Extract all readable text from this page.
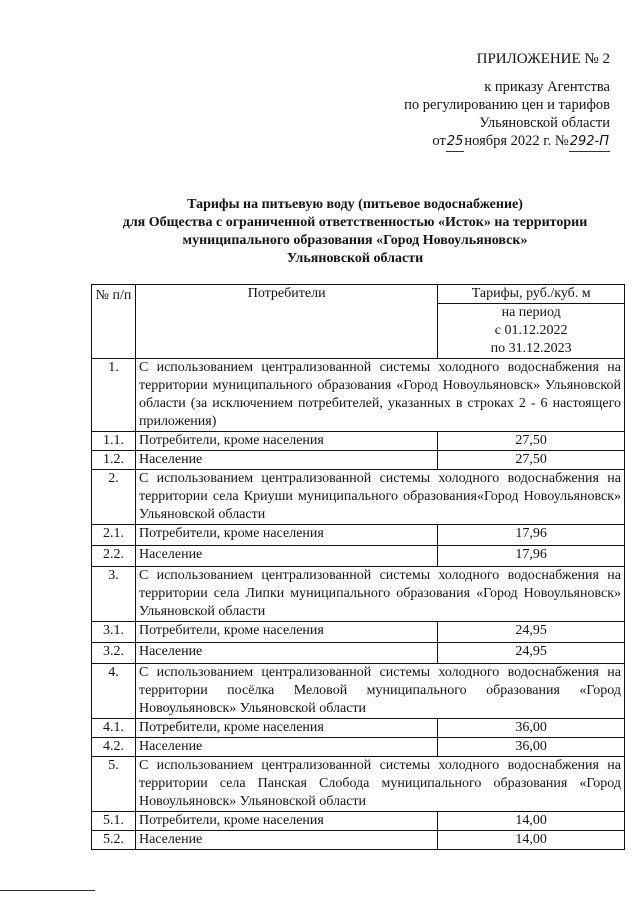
ПРИЛОЖЕНИЕ № 2
к приказу Агентства
по регулированию цен и тарифов
Ульяновской области
от25ноября 2022 г. №292-П
Тарифы на питьевую воду (питьевое водоснабжение)
для Общества с ограниченной ответственностью «Исток» на территории
муниципального образования «Город Новоульяновск»
Ульяновской области
№ п/п	Потребители	Тарифы, руб./куб. м
на период
с 01.12.2022
по 31.12.2023

1.	С использованием централизованной системы холодного водоснабжения на территории муниципального образования «Город Новоульяновск» Ульяновской области (за исключением потребителей, указанных в строках 2 - 6 настоящего приложения)	
1.1.	Потребители, кроме населения	27,50
1.2.	Население	27,50
2.	С использованием централизованной системы холодного водоснабжения на территории села Криуши муниципального образования«Город Новоульяновск» Ульяновской области	
2.1.	Потребители, кроме населения	17,96
2.2.	Население	17,96
3.	С использованием централизованной системы холодного водоснабжения на территории села Липки муниципального образования «Город Новоульяновск» Ульяновской области	
3.1.	Потребители, кроме населения	24,95
3.2.	Население	24,95
4.	С использованием централизованной системы холодного водоснабжения на территории посёлка Меловой муниципального образования «Город Новоульяновск» Ульяновской области	
4.1.	Потребители, кроме населения	36,00
4.2.	Население	36,00
5.	С использованием централизованной системы холодного водоснабжения на территории села Панская Слобода муниципального образования «Город Новоульяновск» Ульяновской области	
5.1.	Потребители, кроме населения	14,00
5.2.	Население	14,00
